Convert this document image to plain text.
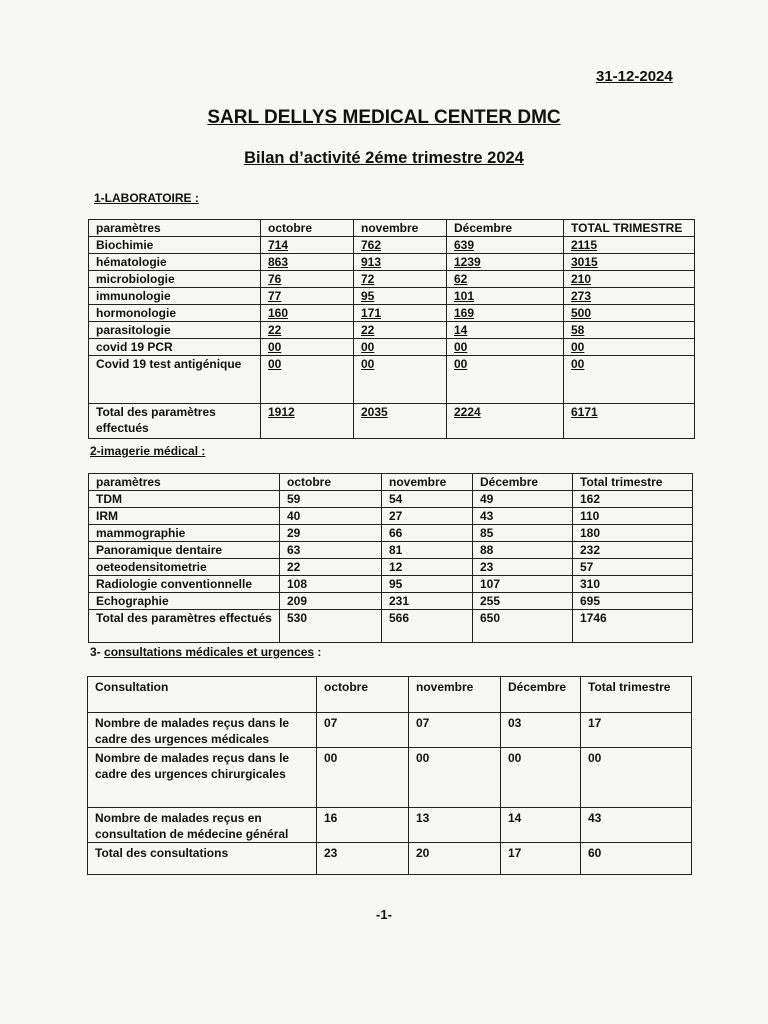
31-12-2024
SARL DELLYS MEDICAL CENTER DMC
Bilan d’activité 2éme trimestre 2024
1-LABORATOIRE :
paramètres	octobre	novembre	Décembre	TOTAL TRIMESTRE
Biochimie	714	762	639	2115
hématologie	863	913	1239	3015
microbiologie	76	72	62	210
immunologie	77	95	101	273
hormonologie	160	171	169	500
parasitologie	22	22	14	58
covid 19 PCR	00	00	00	00
Covid 19 test antigénique	00	00	00	00
Total des paramètres effectués	1912	2035	2224	6171
2-imagerie médical :
paramètres	octobre	novembre	Décembre	Total trimestre
TDM	59	54	49	162
IRM	40	27	43	110
mammographie	29	66	85	180
Panoramique dentaire	63	81	88	232
oeteodensitometrie	22	12	23	57
Radiologie conventionnelle	108	95	107	310
Echographie	209	231	255	695
Total des paramètres effectués	530	566	650	1746
3- consultations médicales et urgences :
Consultation	octobre	novembre	Décembre	Total trimestre
Nombre de malades reçus dans le cadre des urgences médicales	07	07	03	17
Nombre de malades reçus dans le cadre des urgences chirurgicales	00	00	00	00
Nombre de malades reçus en consultation de médecine général	16	13	14	43
Total des consultations	23	20	17	60
-1-
